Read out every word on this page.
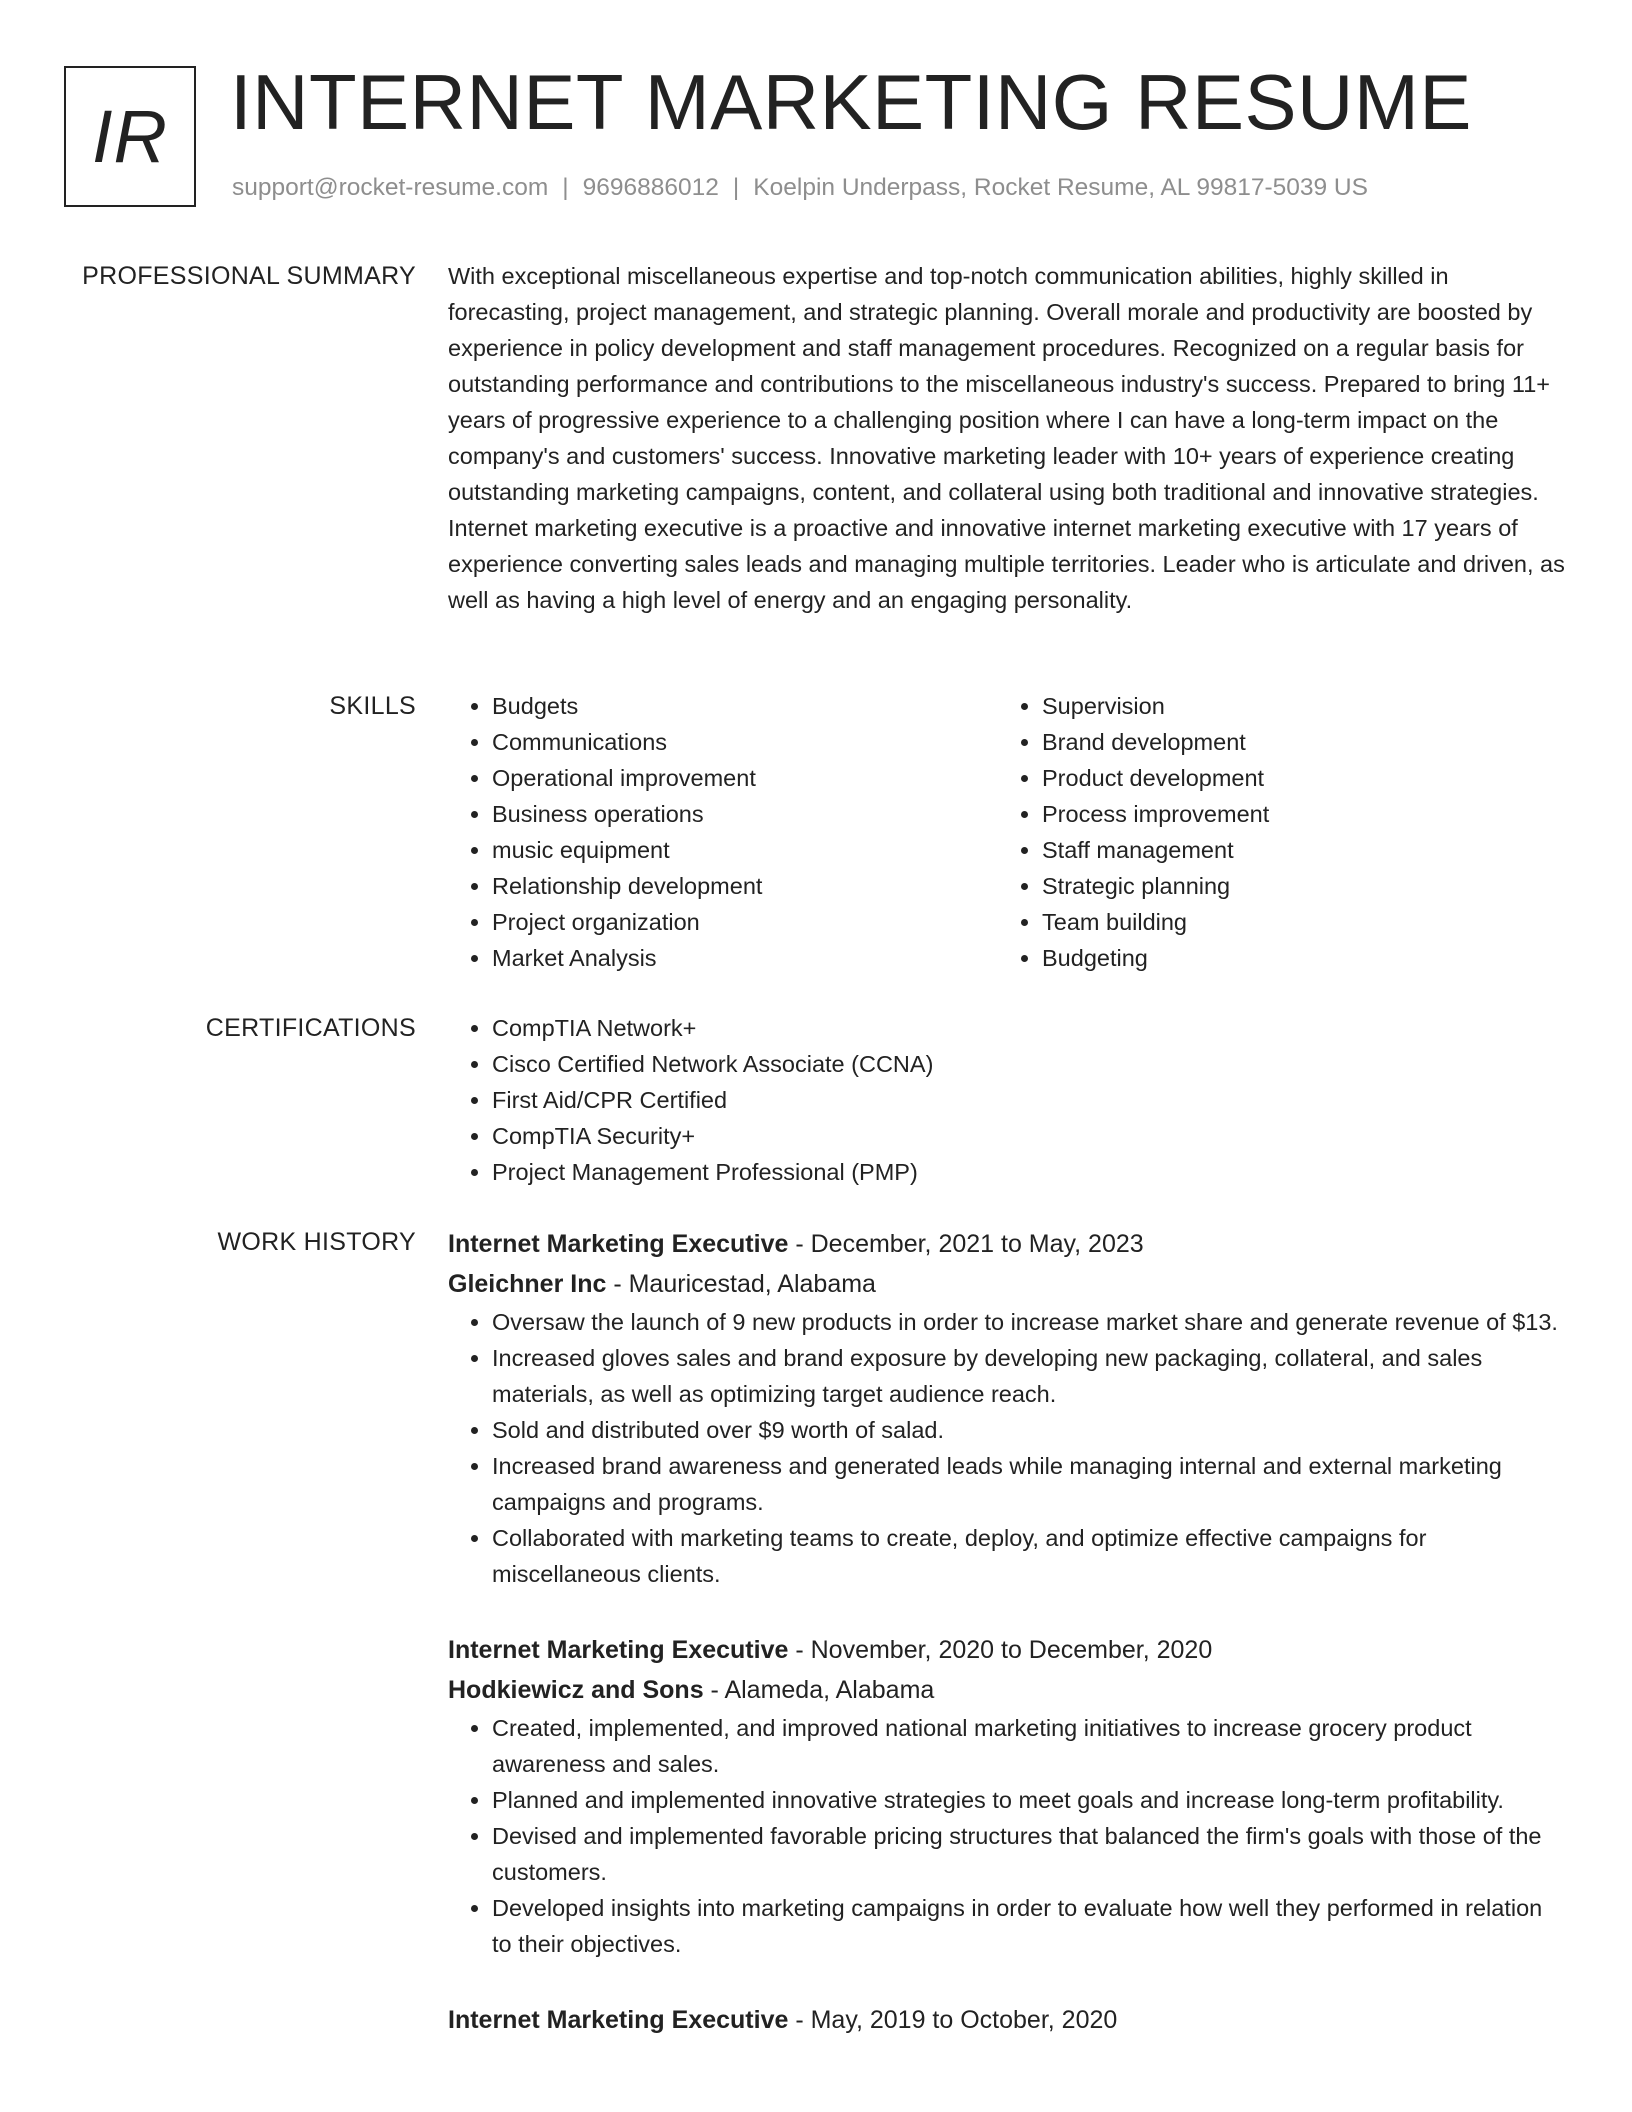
IR INTERNET MARKETING RESUME
support@rocket-resume.com | 9696886012 | Koelpin Underpass, Rocket Resume, AL 99817-5039 US
PROFESSIONAL SUMMARY With exceptional miscellaneous expertise and top-notch communication abilities, highly skilled in forecasting, project management, and strategic planning. Overall morale and productivity are boosted by experience in policy development and staff management procedures. Recognized on a regular basis for outstanding performance and contributions to the miscellaneous industry's success. Prepared to bring 11+ years of progressive experience to a challenging position where I can have a long-term impact on the company's and customers' success. Innovative marketing leader with 10+ years of experience creating outstanding marketing campaigns, content, and collateral using both traditional and innovative strategies. Internet marketing executive is a proactive and innovative internet marketing executive with 17 years of experience converting sales leads and managing multiple territories. Leader who is articulate and driven, as well as having a high level of energy and an engaging personality.

SKILLS	• Budgets
• Communications
• Operational improvement
• Business operations
• music equipment
• Relationship development
• Project organization
• Market Analysis
• Supervision
• Brand development
• Product development
• Process improvement
• Staff management
• Strategic planning
• Team building
• Budgeting
CERTIFICATIONS	• CompTIA Network+
• Cisco Certified Network Associate (CCNA)
• First Aid/CPR Certified
• CompTIA Security+
• Project Management Professional (PMP)
WORK HISTORY Internet Marketing Executive - December, 2021 to May, 2023
Gleichner Inc - Mauricestad, Alabama
• Oversaw the launch of 9 new products in order to increase market share and generate revenue of $13.
• Increased gloves sales and brand exposure by developing new packaging, collateral, and sales materials, as well as optimizing target audience reach.
• Sold and distributed over $9 worth of salad.
• Increased brand awareness and generated leads while managing internal and external marketing campaigns and programs.
• Collaborated with marketing teams to create, deploy, and optimize effective campaigns for miscellaneous clients.
Internet Marketing Executive - November, 2020 to December, 2020
Hodkiewicz and Sons - Alameda, Alabama
• Created, implemented, and improved national marketing initiatives to increase grocery product awareness and sales.
• Planned and implemented innovative strategies to meet goals and increase long-term profitability.
• Devised and implemented favorable pricing structures that balanced the firm's goals with those of the customers.
• Developed insights into marketing campaigns in order to evaluate how well they performed in relation to their objectives.
Internet Marketing Executive - May, 2019 to October, 2020
